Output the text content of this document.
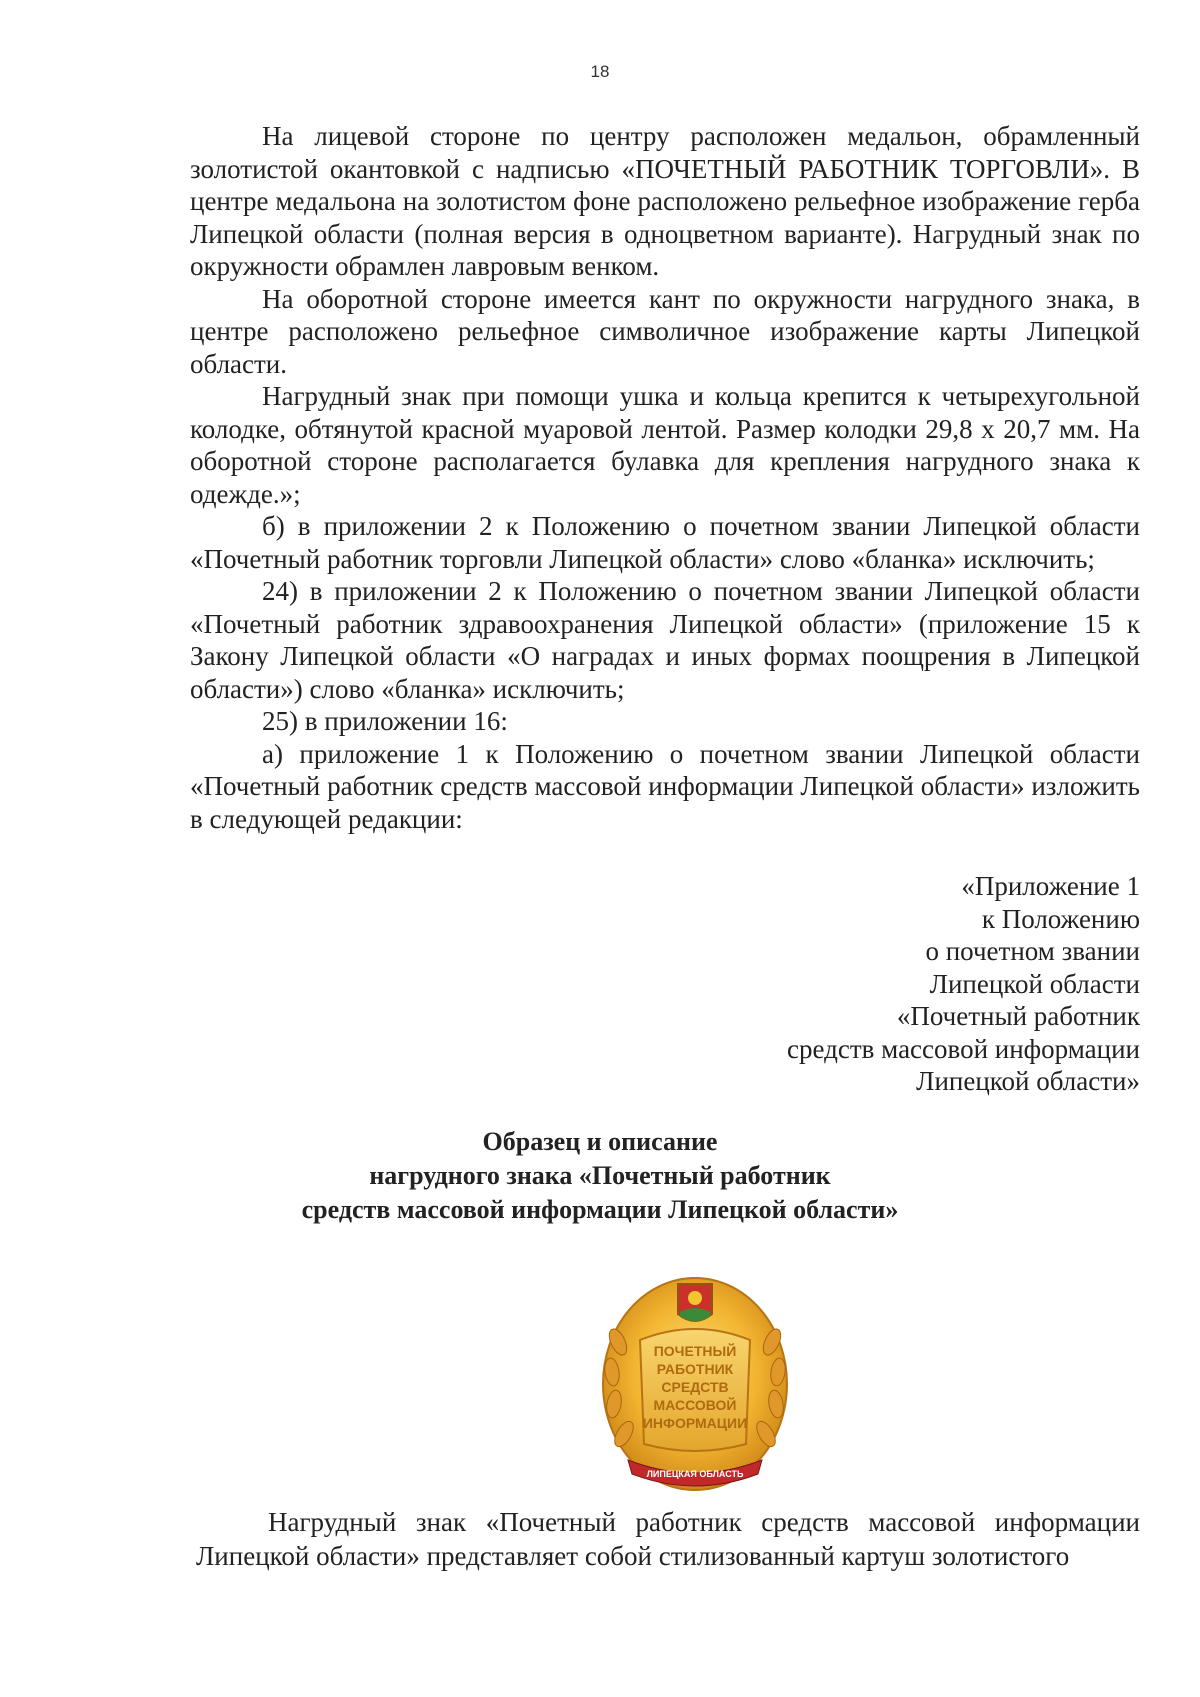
18

На лицевой стороне по центру расположен медальон, обрамленный золотистой окантовкой с надписью «ПОЧЕТНЫЙ РАБОТНИК ТОРГОВЛИ». В центре медальона на золотистом фоне расположено рельефное изображение герба Липецкой области (полная версия в одноцветном варианте). Нагрудный знак по окружности обрамлен лавровым венком.

На оборотной стороне имеется кант по окружности нагрудного знака, в центре расположено рельефное символичное изображение карты Липецкой области.

Нагрудный знак при помощи ушка и кольца крепится к четырехугольной колодке, обтянутой красной муаровой лентой. Размер колодки 29,8 х 20,7 мм. На оборотной стороне располагается булавка для крепления нагрудного знака к одежде.»;

б) в приложении 2 к Положению о почетном звании Липецкой области «Почетный работник торговли Липецкой области» слово «бланка» исключить;

24) в приложении 2 к Положению о почетном звании Липецкой области «Почетный работник здравоохранения Липецкой области» (приложение 15 к Закону Липецкой области «О наградах и иных формах поощрения в Липецкой области») слово «бланка» исключить;

25) в приложении 16:

а) приложение 1 к Положению о почетном звании Липецкой области «Почетный работник средств массовой информации Липецкой области» изложить в следующей редакции:

«Приложение 1
к Положению
о почетном звании
Липецкой области
«Почетный работник
средств массовой информации
Липецкой области»
Образец и описание
нагрудного знака «Почетный работник
средств массовой информации Липецкой области»
ПОЧЕТНЫЙ
РАБОТНИК
СРЕДСТВ
МАССОВОЙ
ИНФОРМАЦИИ
ЛИПЕЦКАЯ ОБЛАСТЬ

Нагрудный знак «Почетный работник средств массовой информации Липецкой области» представляет собой стилизованный картуш золотистого
